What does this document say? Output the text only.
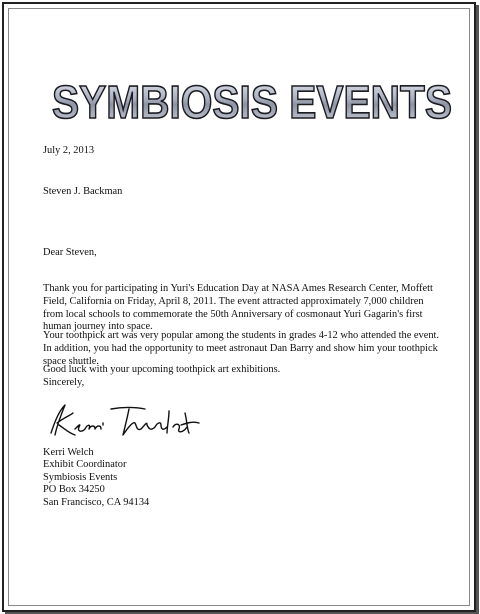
SYMBIOSIS EVENTS
July 2, 2013
Steven J. Backman
Dear Steven,

Thank you for participating in Yuri's Education Day at NASA Ames Research Center, Moffett Field, California on Friday, April 8, 2011. The event attracted approximately 7,000 children from local schools to commemorate the 50th Anniversary of cosmonaut Yuri Gagarin's first human journey into space.

Your toothpick art was very popular among the students in grades 4-12 who attended the event. In addition, you had the opportunity to meet astronaut Dan Barry and show him your toothpick space shuttle.

Good luck with your upcoming toothpick art exhibitions.

Sincerely,
Kerri Welch
Exhibit Coordinator
Symbiosis Events
PO Box 34250
San Francisco, CA 94134
